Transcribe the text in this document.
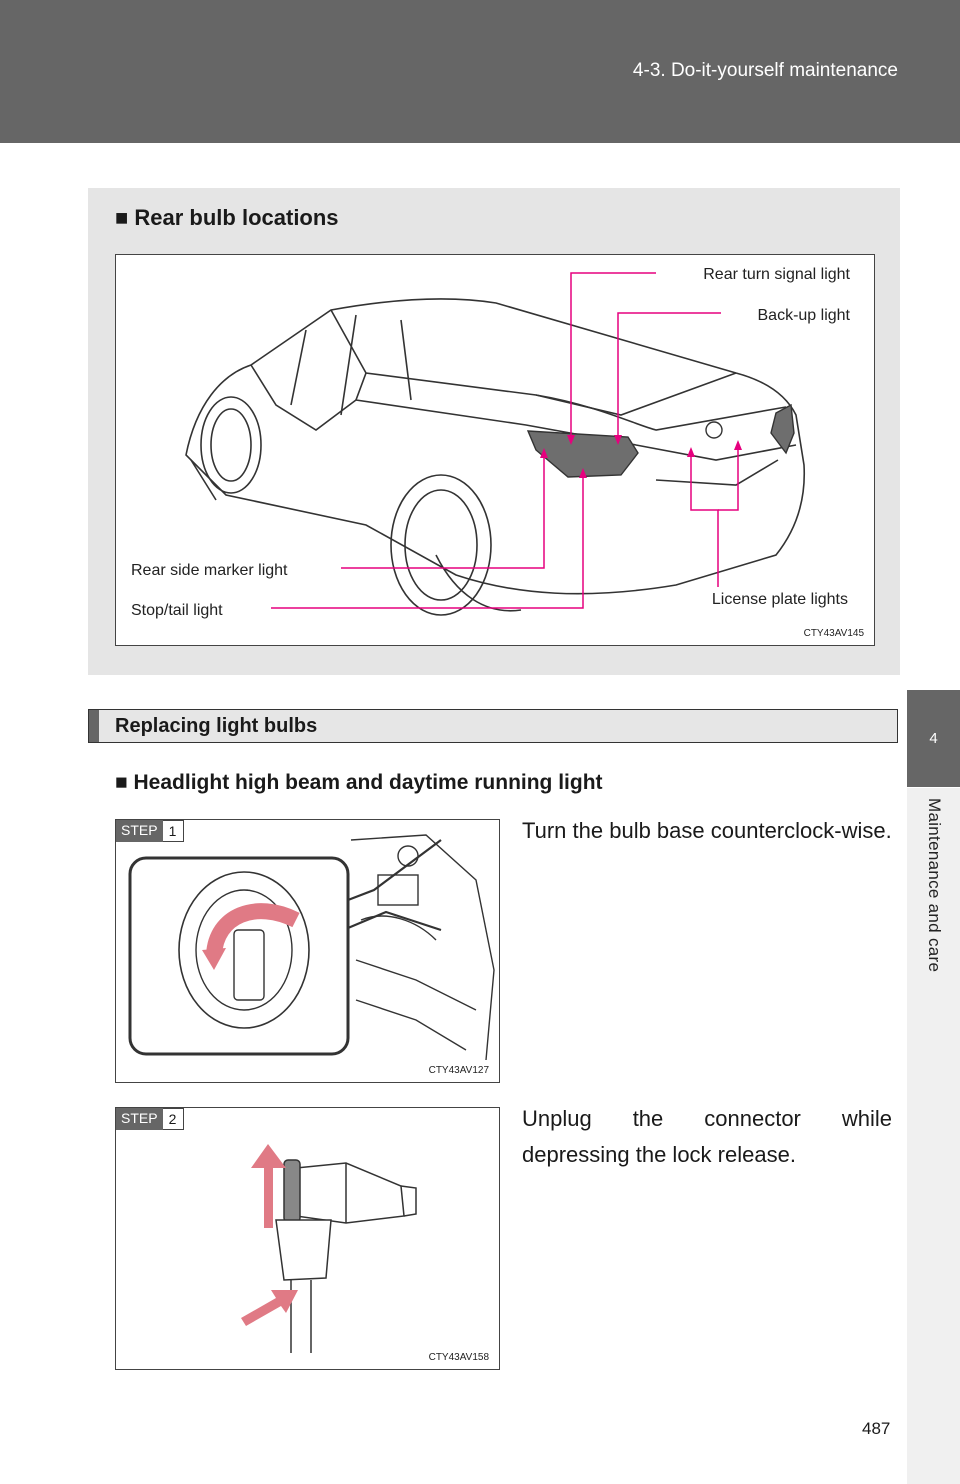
4-3. Do-it-yourself maintenance
4
Maintenance and care
■ Rear bulb locations
Rear turn signal light
Back-up light
Rear side marker light
Stop/tail light
License plate lights
CTY43AV145
Replacing light bulbs
■ Headlight high beam and daytime running light
STEP 1
CTY43AV127
Turn the bulb base counterclock-wise.
STEP 2
CTY43AV158
Unplug the connector while depressing the lock release.
487
